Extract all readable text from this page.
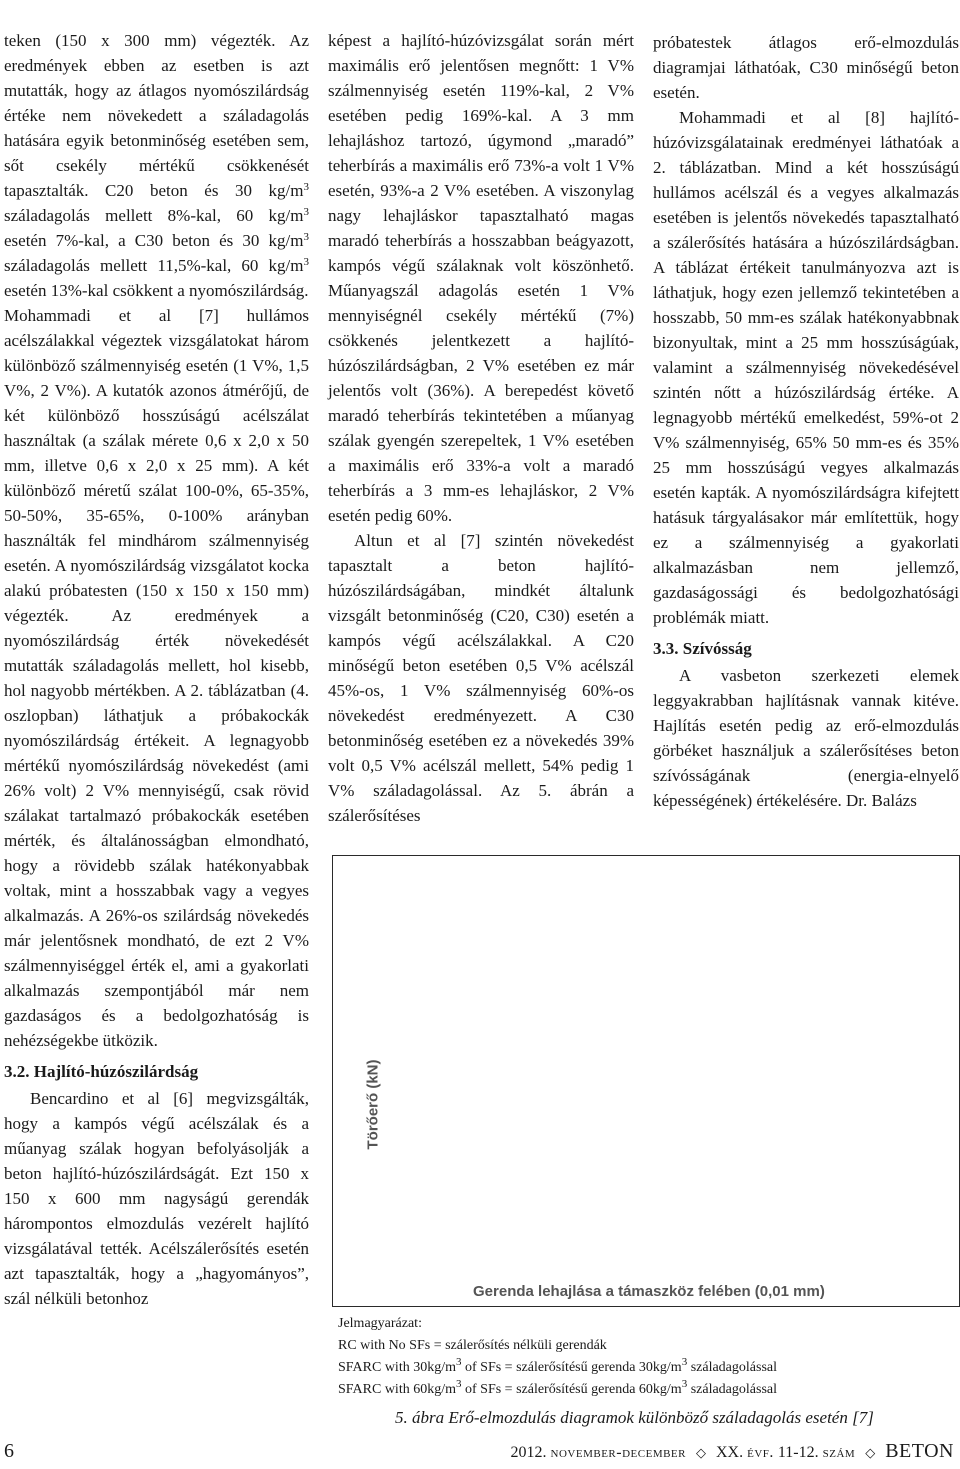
teken (150 x 300 mm) végezték. Az eredmények ebben az esetben is azt mutatták, hogy az átlagos nyomószilárdság értéke nem növekedett a száladagolás hatására egyik betonminőség esetében sem, sőt csekély mértékű csökkenését tapasztalták. C20 beton és 30 $kg/m^3$ száladagolás mellett 8%-kal, 60 $kg/m^3$ esetén 7%-kal, a C30 beton és 30 $kg/m^3$ száladagolás mellett 11,5%-kal, 60 $kg/m^3$ esetén 13%-kal csökkent a nyomószilárdság.

Mohammadi et al [7] hullámos acélszálakkal végeztek vizsgálatokat három különböző szálmennyiség esetén (1 V%, 1,5 V%, 2 V%). A kutatók azonos átmérőjű, de két különböző hosszúságú acélszálat használtak (a szálak mérete 0,6 x 2,0 x 50 mm, illetve 0,6 x 2,0 x 25 mm). A két különböző méretű szálat 100-0%, 65-35%, 50-50%, 35-65%, 0-100% arányban használták fel mindhárom szálmennyiség esetén. A nyomószilárdság vizsgálatot kocka alakú próbatesten (150 x 150 x 150 mm) végezték. Az eredmények a nyomószilárdság érték növekedését mutatták száladagolás mellett, hol kisebb, hol nagyobb mértékben. A 2. táblázatban (4. oszlopban) láthatjuk a próbakockák nyomószilárdság értékeit. A legnagyobb mértékű nyomószilárdság növekedést (ami 26% volt) 2 V% mennyiségű, csak rövid szálakat tartalmazó próbakockák esetében mérték, és általánosságban elmondható, hogy a rövidebb szálak hatékonyabbak voltak, mint a hosszabbak vagy a vegyes alkalmazás. A 26%-os szilárdság növekedés már jelentősnek mondható, de ezt 2 V% szálmennyiséggel érték el, ami a gyakorlati alkalmazás szempontjából már nem gazdaságos és a bedolgozhatóság is nehézségekbe ütközik.

3.2. Hajlító-húzószilárdság

Bencardino et al [6] megvizsgálták, hogy a kampós végű acélszálak és a műanyag szálak hogyan befolyásolják a beton hajlító-húzószilárdságát. Ezt 150 x 150 x 600 mm nagyságú gerendák hárompontos elmozdulás vezérelt hajlító vizsgálatával tették. Acélszálerősítés esetén azt tapasztalták, hogy a „hagyományos”, szál nélküli betonhoz

képest a hajlító-húzóvizsgálat során mért maximális erő jelentősen megnőtt: 1 V% szálmennyiség esetén 119%-kal, 2 V% esetében pedig 169%-kal. A 3 mm lehajláshoz tartozó, úgymond „maradó” teherbírás a maximális erő 73%-a volt 1 V% esetén, 93%-a 2 V% esetében. A viszonylag nagy lehajláskor tapasztalható magas maradó teherbírás a hosszabban beágyazott, kampós végű szálaknak volt köszönhető. Műanyagszál adagolás esetén 1 V% mennyiségnél csekély mértékű (7%) csökkenés jelentkezett a hajlító-húzószilárdságban, 2 V% esetében ez már jelentős volt (36%). A berepedést követő maradó teherbírás tekintetében a műanyag szálak gyengén szerepeltek, 1 V% esetében a maximális erő 33%-a volt a maradó teherbírás a 3 mm-es lehajláskor, 2 V% esetén pedig 60%.

Altun et al [7] szintén növekedést tapasztalt a beton hajlító-húzószilárdságában, mindkét általunk vizsgált betonminőség (C20, C30) esetén a kampós végű acélszálakkal. A C20 minőségű beton esetében 0,5 V% acélszál 45%-os, 1 V% szálmennyiség 60%-os növekedést eredményezett. A C30 betonminőség esetében ez a növekedés 39% volt 0,5 V% acélszál mellett, 54% pedig 1 V% száladagolással. Az 5. ábrán a szálerősítéses

próbatestek átlagos erő-elmozdulás diagramjai láthatóak, C30 minőségű beton esetén.

Mohammadi et al [8] hajlító-húzóvizsgálatainak eredményei láthatóak a 2. táblázatban. Mind a két hosszúságú hullámos acélszál és a vegyes alkalmazás esetében is jelentős növekedés tapasztalható a szálerősítés hatására a húzószilárdságban. A táblázat értékeit tanulmányozva azt is láthatjuk, hogy ezen jellemző tekintetében a hosszabb, 50 mm-es szálak hatékonyabbnak bizonyultak, mint a 25 mm hosszúságúak, valamint a szálmennyiség növekedésével szintén nőtt a húzószilárdság értéke. A legnagyobb mértékű emelkedést, 59%-ot 2 V% szálmennyiség, 65% 50 mm-es és 35% 25 mm hosszúságú vegyes alkalmazás esetén kapták. A nyomószilárdságra kifejtett hatásuk tárgyalásakor már említettük, hogy ez a szálmennyiség a gyakorlati alkalmazásban nem jellemző, gazdaságossági és bedolgozhatósági problémák miatt.

3.3. Szívósság

A vasbeton szerkezeti elemek leggyakrabban hajlításnak vannak kitéve. Hajlítás esetén pedig az erő-elmozdulás görbéket használjuk a szálerősítéses beton szívósságának (energia-elnyelő képességének) értékelésére. Dr. Balázs

Törőerő (kN)
Gerenda lehajlása a támaszköz felében (0,01 mm)
Jelmagyarázat:
RC with No SFs = szálerősítés nélküli gerendák
SFARC with $30kg/m^3$ of SFs = szálerősítésű gerenda $30kg/m^3$ száladagolással
SFARC with $60kg/m^3$ of SFs = szálerősítésű gerenda $60kg/m^3$ száladagolással
5. ábra Erő-elmozdulás diagramok különböző száladagolás esetén [7]
6	2012. november-december ◇ XX. évf. 11-12. szám ◇ BETON
